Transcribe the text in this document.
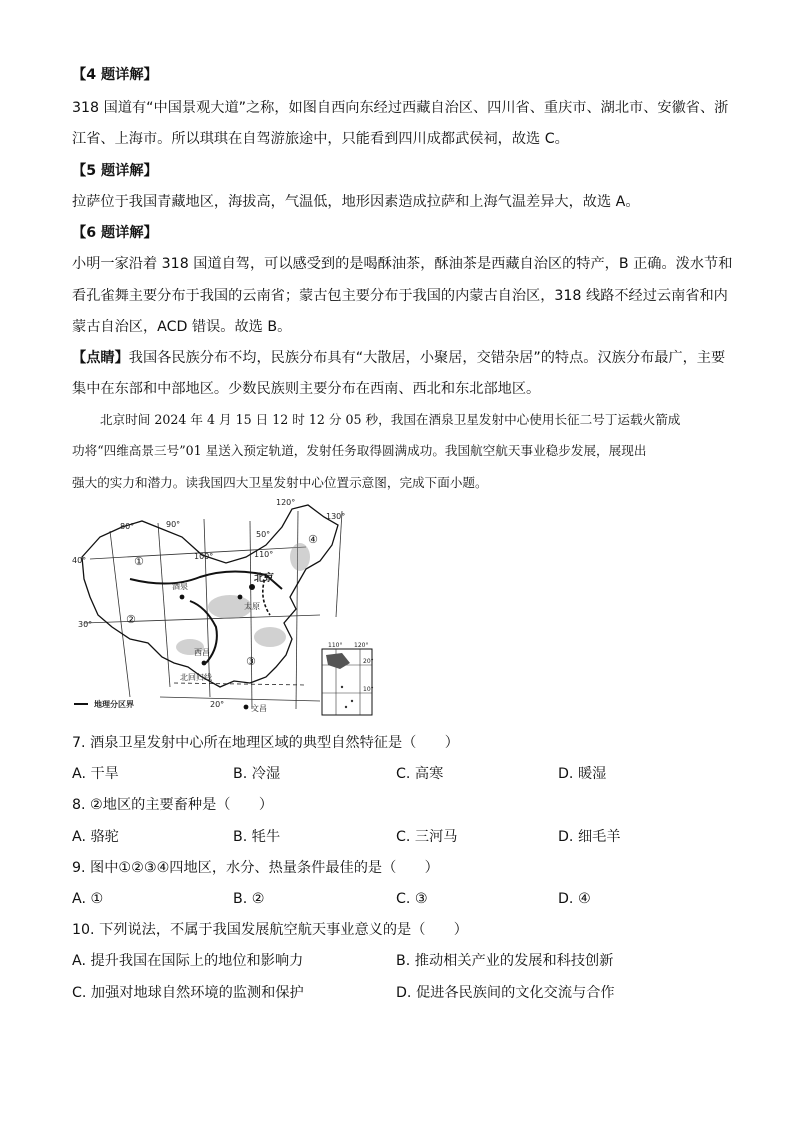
【4 题详解】
318 国道有“中国景观大道”之称，如图自西向东经过西藏自治区、四川省、重庆市、湖北市、安徽省、浙
江省、上海市。所以琪琪在自驾游旅途中，只能看到四川成都武侯祠，故选 C。
【5 题详解】
拉萨位于我国青藏地区，海拔高，气温低，地形因素造成拉萨和上海气温差异大，故选 A。
【6 题详解】
小明一家沿着 318 国道自驾，可以感受到的是喝酥油茶，酥油茶是西藏自治区的特产，B 正确。泼水节和
看孔雀舞主要分布于我国的云南省；蒙古包主要分布于我国的内蒙古自治区，318 线路不经过云南省和内
蒙古自治区，ACD 错误。故选 B。
【点睛】我国各民族分布不均，民族分布具有“大散居，小聚居，交错杂居”的特点。汉族分布最广，主要
集中在东部和中部地区。少数民族则主要分布在西南、西北和东北部地区。
北京时间 2024 年 4 月 15 日 12 时 12 分 05 秒，我国在酒泉卫星发射中心使用长征二号丁运载火箭成
功将“四维高景三号”01 星送入预定轨道，发射任务取得圆满成功。我国航空航天事业稳步发展，展现出
强大的实力和潜力。读我国四大卫星发射中心位置示意图，完成下面小题。
北京
酒泉
太原
西昌
文昌
北回归线
①
②
③
④
80°	90°
100°	110°
120°
130°
40°
30°
50°
20°
110° 120°
20°
10°
地理分区界
7. 酒泉卫星发射中心所在地理区域的典型自然特征是（　　）
A. 干旱	B. 冷湿	C. 高寒	D. 暖湿
8. ②地区的主要畜种是（　　）
A. 骆驼	B. 牦牛	C. 三河马	D. 细毛羊
9. 图中①②③④四地区，水分、热量条件最佳的是（　　）
A. ①	B. ②	C. ③	D. ④
10. 下列说法，不属于我国发展航空航天事业意义的是（　　）
A. 提升我国在国际上的地位和影响力	B. 推动相关产业的发展和科技创新
C. 加强对地球自然环境的监测和保护	D. 促进各民族间的文化交流与合作
